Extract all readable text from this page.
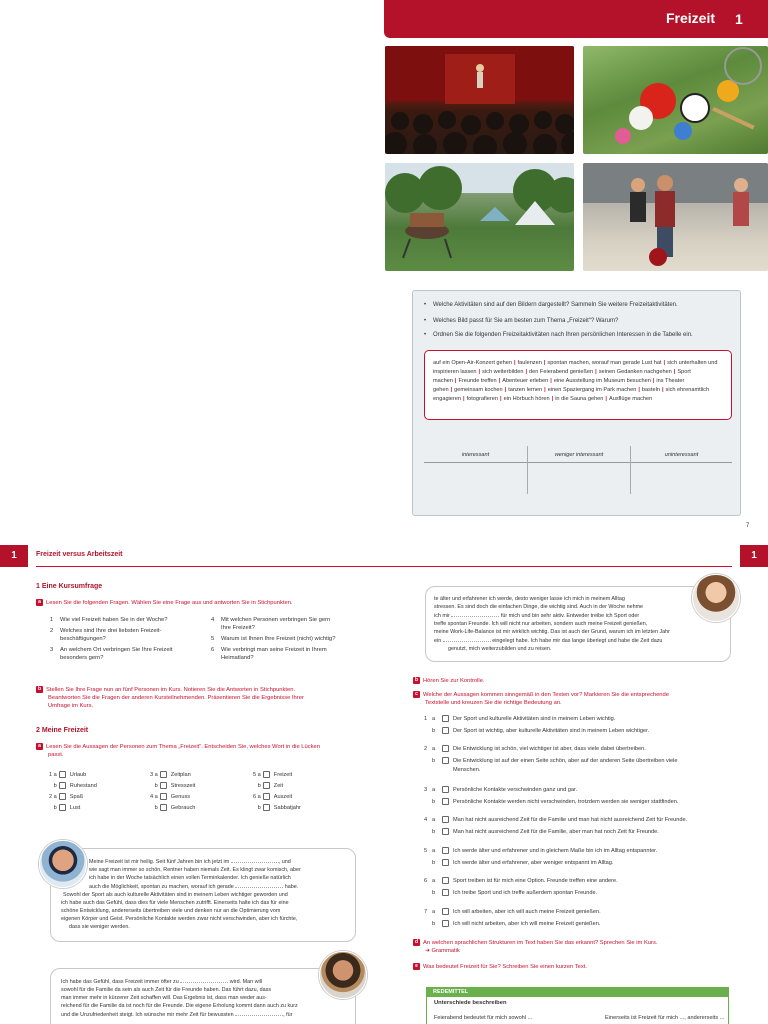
Freizeit 1
• Welche Aktivitäten sind auf den Bildern dargestellt? Sammeln Sie weitere Freizeitaktivitäten.
• Welches Bild passt für Sie am besten zum Thema „Freizeit“? Warum?
• Ordnen Sie die folgenden Freizeitaktivitäten nach Ihren persönlichen Interessen in die Tabelle ein.
auf ein Open-Air-Konzert gehen | faulenzen | spontan machen, worauf man gerade Lust hat | sich unterhalten und inspirieren lassen | sich weiterbilden | den Feierabend genießen | seinen Gedanken nachgehen | Sport machen | Freunde treffen | Abenteuer erleben | eine Ausstellung im Museum besuchen | ins Theater gehen | gemeinsam kochen | tanzen lernen | einen Spaziergang im Park machen | basteln | sich ehrenamtlich engagieren | fotografieren | ein Hörbuch hören | in die Sauna gehen | Ausflüge machen
interessant	weniger interessant	uninteressant
7
1	1
Freizeit versus Arbeitszeit
1 Eine Kursumfrage
a Lesen Sie die folgenden Fragen. Wählen Sie eine Frage aus und antworten Sie in Stichpunkten.
1 Wie viel Freizeit haben Sie in der Woche?
2 Welches sind Ihre drei liebsten Freizeit-
beschäftigungen?
3 An welchem Ort verbringen Sie Ihre Freizeit
besonders gern?
4 Mit welchen Personen verbringen Sie gern
Ihre Freizeit?
5 Warum ist Ihnen Ihre Freizeit (nicht) wichtig?
6 Wie verbringt man seine Freizeit in Ihrem
Heimatland?
b Stellen Sie Ihre Frage nun an fünf Personen im Kurs. Notieren Sie die Antworten in Stichpunkten.
Beantworten Sie die Fragen der anderen Kursteilnehmenden. Präsentieren Sie die Ergebnisse Ihrer
Umfrage im Kurs.
2 Meine Freizeit
a Lesen Sie die Aussagen der Personen zum Thema „Freizeit“. Entscheiden Sie, welches Wort in die Lücken
passt.
1 a Urlaub
b Ruhestand
2 a Spaß
b Lust
3 a Zeitplan
b Stresszeit
4 a Genuss
b Gebrauch
5 a Freizeit
b Zeit
6 a Auszeit
b Sabbatjahr
Meine Freizeit ist mir heilig. Seit fünf Jahren bin ich jetzt im	, und
wie sagt man immer so schön, Rentner haben niemals Zeit. Es klingt zwar komisch, aber
ich habe in der Woche tatsächlich einen vollen Terminkalender. Ich genieße natürlich
auch die Möglichkeit, spontan zu machen, worauf ich gerade	habe.
Sowohl der Sport als auch kulturelle Aktivitäten sind in meinem Leben wichtiger geworden und
ich habe auch das Gefühl, dass dies für viele Menschen zutrifft. Einerseits halte ich das für eine
schöne Entwicklung, andererseits übertreiben viele und denken nur an die Optimierung vom
eigenen Körper und Geist. Persönliche Kontakte werden zwar nicht verschwinden, aber ich fürchte,
dass sie weniger werden.
Ich habe das Gefühl, dass Freizeit immer öfter zu	wird. Man will
sowohl für die Familie da sein als auch Zeit für die Freunde haben. Das führt dazu, dass
man immer mehr in kürzerer Zeit schaffen will. Das Ergebnis ist, dass man weder aus-
reichend für die Familie da ist noch für die Freunde. Die eigene Erholung kommt dann auch zu kurz
und die Unzufriedenheit steigt. Ich wünsche mir mehr Zeit für bewussten	, für
te älter und erfahrener ich werde, desto weniger lasse ich mich in meinem Alltag
stressen. Es sind doch die einfachen Dinge, die wichtig sind. Auch in der Woche nehme
ich mir	für mich und bin sehr aktiv. Entweder treibe ich Sport oder
treffe spontan Freunde. Ich will nicht nur arbeiten, sondern auch meine Freizeit genießen,
meine Work-Life-Balance ist mir wirklich wichtig. Das ist auch der Grund, warum ich im letzten Jahr
ein	eingelegt habe. Ich habe mir das lange überlegt und habe die Zeit dazu
genutzt, mich weiterzubilden und zu reisen.
b Hören Sie zur Kontrolle.
c Welche der Aussagen kommen sinngemäß in den Texten vor? Markieren Sie die entsprechende
Textstelle und kreuzen Sie die richtige Bedeutung an.
1 a	Der Sport und kulturelle Aktivitäten sind in meinem Leben wichtig.
b	Der Sport ist wichtig, aber kulturelle Aktivitäten sind in meinem Leben wichtiger.
2 a	Die Entwicklung ist schön, viel wichtiger ist aber, dass viele dabei übertreiben.
b	Die Entwicklung ist auf der einen Seite schön, aber auf der anderen Seite übertreiben viele
Menschen.
3 a	Persönliche Kontakte verschwinden ganz und gar.
b	Persönliche Kontakte werden nicht verschwinden, trotzdem werden sie weniger stattfinden.
4 a	Man hat nicht ausreichend Zeit für die Familie und man hat nicht ausreichend Zeit für Freunde.
b	Man hat nicht ausreichend Zeit für die Familie, aber man hat noch Zeit für Freunde.
5 a	Ich werde älter und erfahrener und in gleichem Maße bin ich im Alltag entspannter.
b	Ich werde älter und erfahrener, aber weniger entspannt im Alltag.
6 a	Sport treiben ist für mich eine Option. Freunde treffen eine andere.
b	Ich treibe Sport und ich treffe außerdem spontan Freunde.
7 a	Ich will arbeiten, aber ich will auch meine Freizeit genießen.
b	Ich will nicht arbeiten, aber ich will meine Freizeit genießen.
d An welchen sprachlichen Strukturen im Text haben Sie das erkannt? Sprechen Sie im Kurs.
➔ Grammatik
e Was bedeutet Freizeit für Sie? Schreiben Sie einen kurzen Text.
REDEMITTEL
Unterschiede beschreiben
Feierabend bedeutet für mich sowohl ...	Einerseits ist Freizeit für mich ..., andererseits ...
